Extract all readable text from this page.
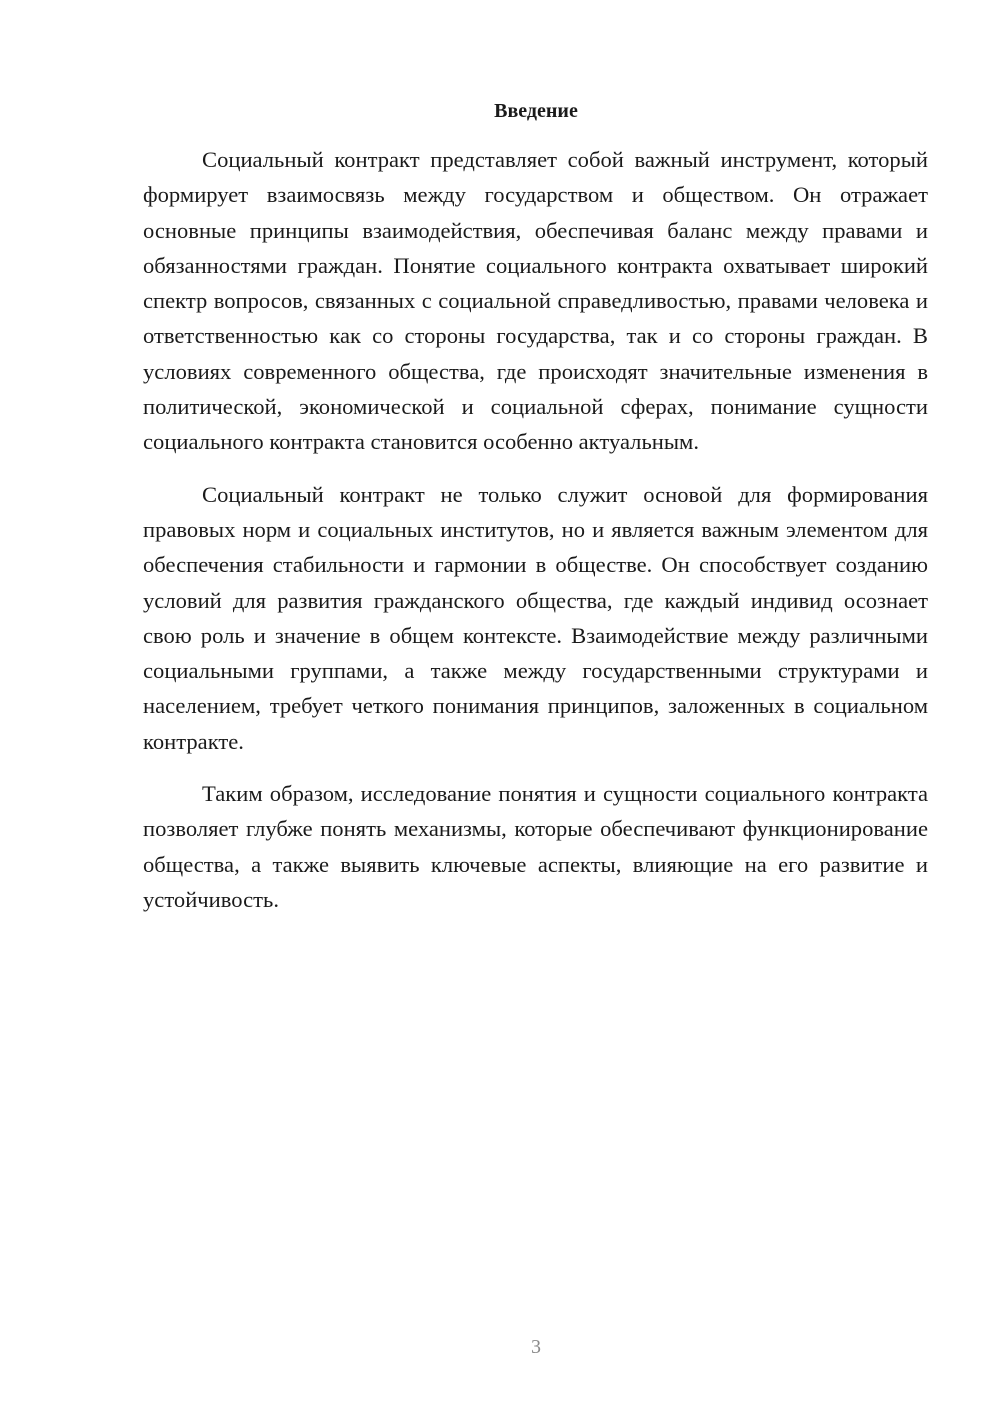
Введение

Социальный контракт представляет собой важный инструмент, который формирует взаимосвязь между государством и обществом. Он отражает основные принципы взаимодействия, обеспечивая баланс между правами и обязанностями граждан. Понятие социального контракта охватывает широкий спектр вопросов, связанных с социальной справедливостью, правами человека и ответственностью как со стороны государства, так и со стороны граждан. В условиях современного общества, где происходят значительные изменения в политической, экономической и социальной сферах, понимание сущности социального контракта становится особенно актуальным.

Социальный контракт не только служит основой для формирования правовых норм и социальных институтов, но и является важным элементом для обеспечения стабильности и гармонии в обществе. Он способствует созданию условий для развития гражданского общества, где каждый индивид осознает свою роль и значение в общем контексте. Взаимодействие между различными социальными группами, а также между государственными структурами и населением, требует четкого понимания принципов, заложенных в социальном контракте.

Таким образом, исследование понятия и сущности социального контракта позволяет глубже понять механизмы, которые обеспечивают функционирование общества, а также выявить ключевые аспекты, влияющие на его развитие и устойчивость.

3
